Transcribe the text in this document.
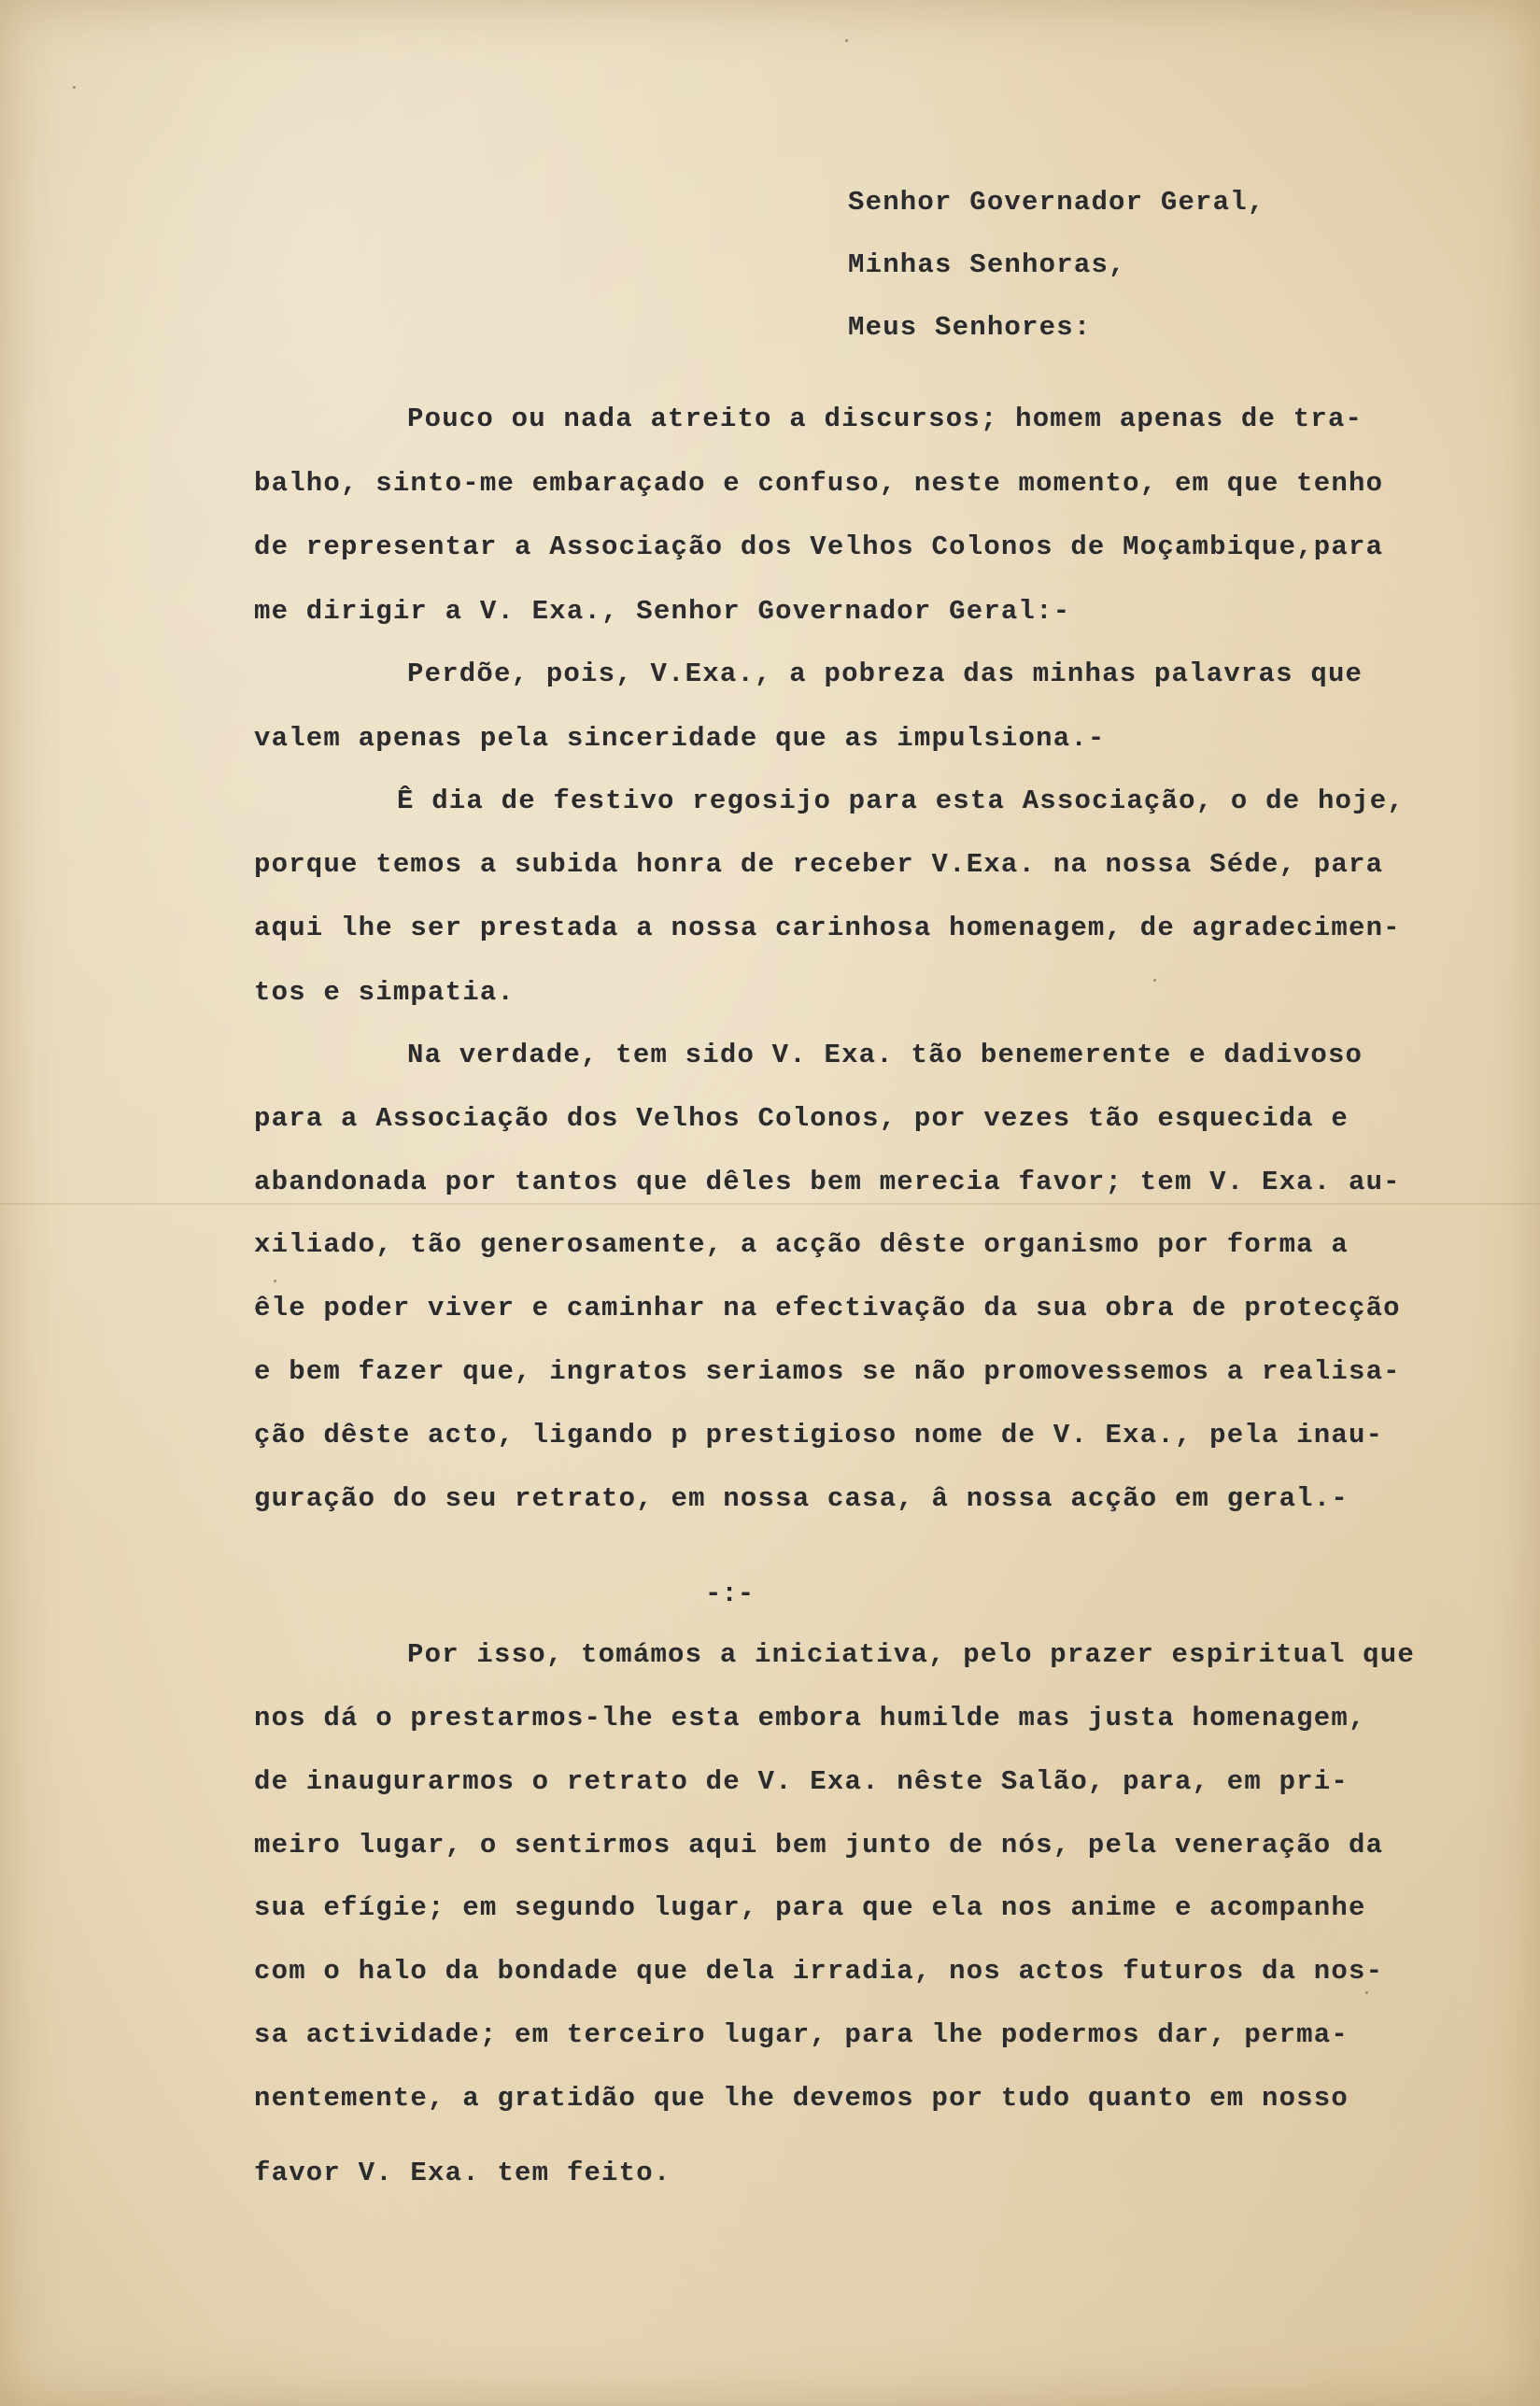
Senhor Governador Geral,
Minhas Senhoras,
Meus Senhores:
Pouco ou nada atreito a discursos; homem apenas de tra-
balho, sinto-me embaraçado e confuso, neste momento, em que tenho
de representar a Associação dos Velhos Colonos de Moçambique,para
me dirigir a V. Exa., Senhor Governador Geral:-
Perdõe, pois, V.Exa., a pobreza das minhas palavras que
valem apenas pela sinceridade que as impulsiona.-
Ê dia de festivo regosijo para esta Associação, o de hoje,
porque temos a subida honra de receber V.Exa. na nossa Séde, para
aqui lhe ser prestada a nossa carinhosa homenagem, de agradecimen-
tos e simpatia.
Na verdade, tem sido V. Exa. tão benemerente e dadivoso
para a Associação dos Velhos Colonos, por vezes tão esquecida e
abandonada por tantos que dêles bem merecia favor; tem V. Exa. au-
xiliado, tão generosamente, a acção dêste organismo por forma a
êle poder viver e caminhar na efectivação da sua obra de protecção
e bem fazer que, ingratos seriamos se não promovessemos a realisa-
ção dêste acto, ligando p prestigioso nome de V. Exa., pela inau-
guração do seu retrato, em nossa casa, â nossa acção em geral.-
-:-
Por isso, tomámos a iniciativa, pelo prazer espiritual que
nos dá o prestarmos-lhe esta embora humilde mas justa homenagem,
de inaugurarmos o retrato de V. Exa. nêste Salão, para, em pri-
meiro lugar, o sentirmos aqui bem junto de nós, pela veneração da
sua efígie; em segundo lugar, para que ela nos anime e acompanhe
com o halo da bondade que dela irradia, nos actos futuros da nos-
sa actividade; em terceiro lugar, para lhe podermos dar, perma-
nentemente, a gratidão que lhe devemos por tudo quanto em nosso
favor V. Exa. tem feito.
